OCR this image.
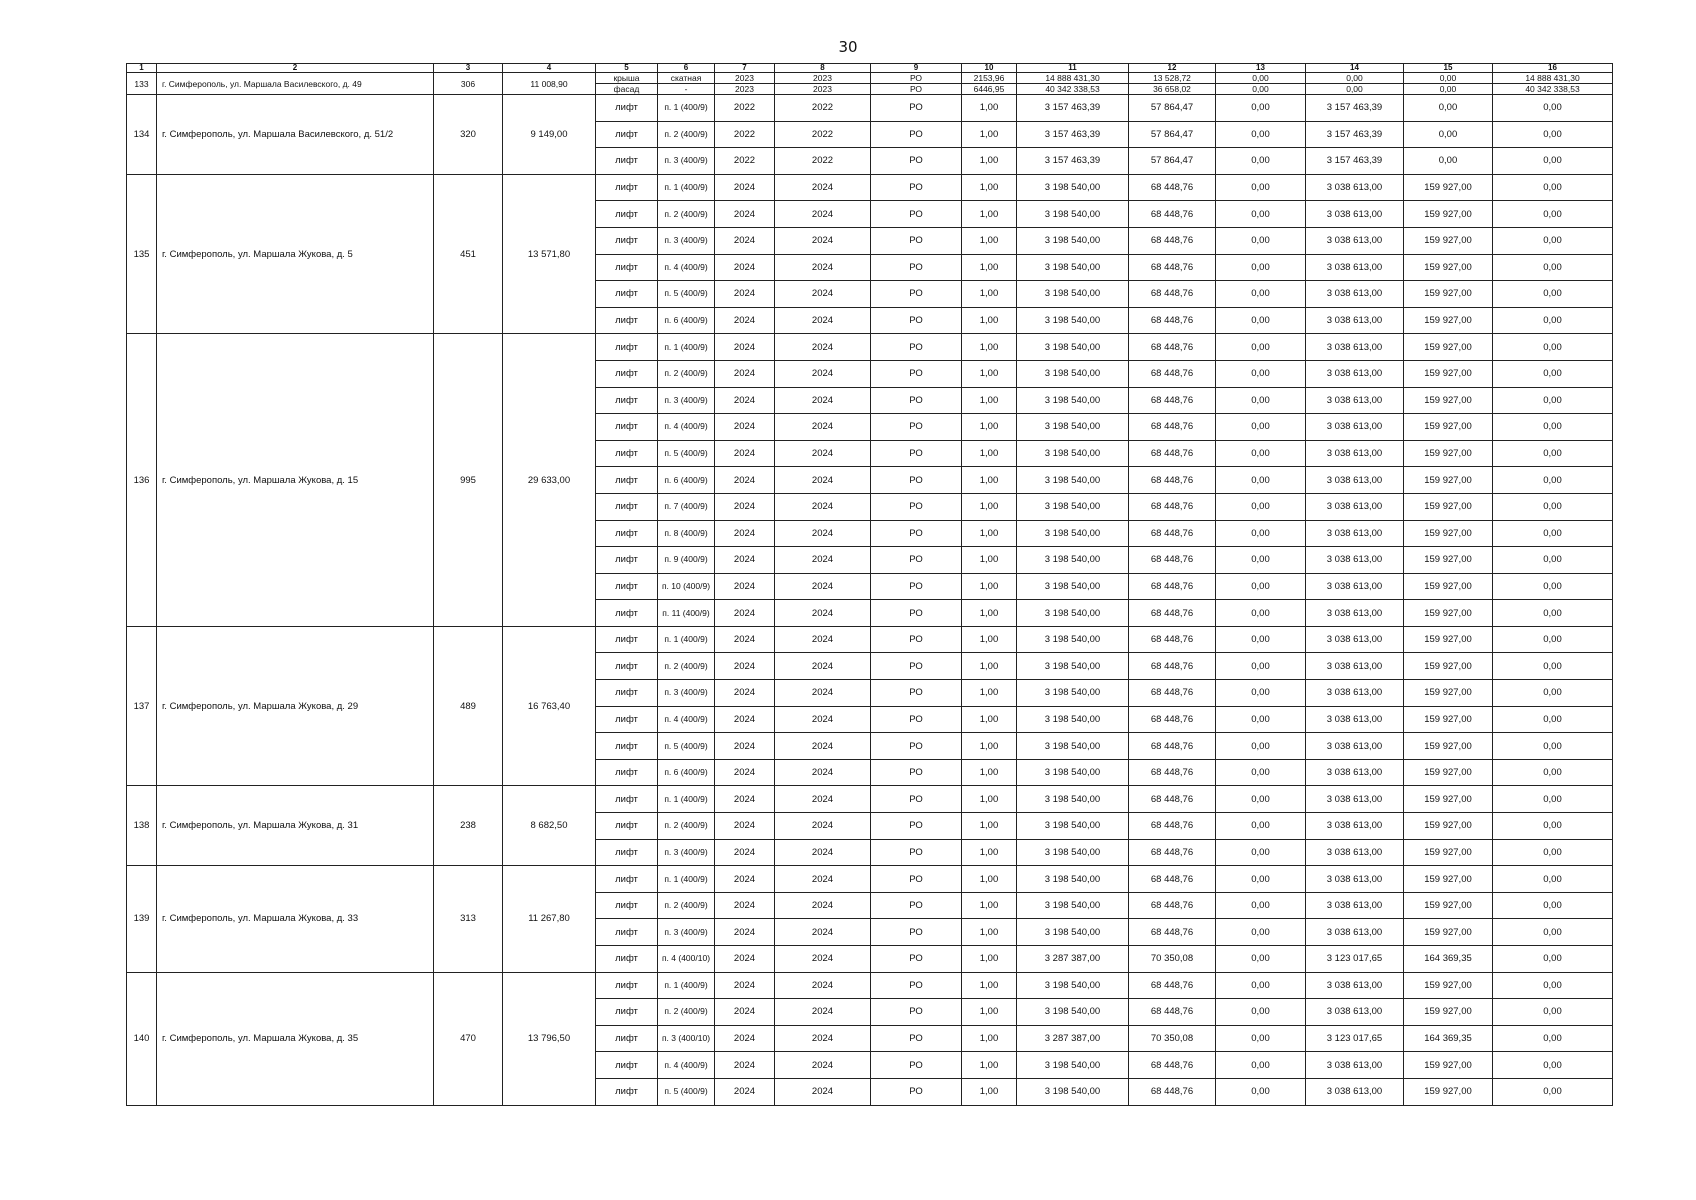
30
1	2	3	4	5	6	7	8	9	10	11	12	13	14	15	16
133	г. Симферополь, ул. Маршала Василевского, д. 49	306	11 008,90	крыша	скатная	2023	2023	РО	2153,96	14 888 431,30	13 528,72	0,00	0,00	0,00	14 888 431,30
				фасад	-	2023	2023	РО	6446,95	40 342 338,53	36 658,02	0,00	0,00	0,00	40 342 338,53
134	г. Симферополь, ул. Маршала Василевского, д. 51/2	320	9 149,00	лифт	п. 1 (400/9)	2022	2022	РО	1,00	3 157 463,39	57 864,47	0,00	3 157 463,39	0,00	0,00
				лифт	п. 2 (400/9)	2022	2022	РО	1,00	3 157 463,39	57 864,47	0,00	3 157 463,39	0,00	0,00
				лифт	п. 3 (400/9)	2022	2022	РО	1,00	3 157 463,39	57 864,47	0,00	3 157 463,39	0,00	0,00
135	г. Симферополь, ул. Маршала Жукова, д. 5	451	13 571,80	лифт	п. 1 (400/9)	2024	2024	РО	1,00	3 198 540,00	68 448,76	0,00	3 038 613,00	159 927,00	0,00
				лифт	п. 2 (400/9)	2024	2024	РО	1,00	3 198 540,00	68 448,76	0,00	3 038 613,00	159 927,00	0,00
				лифт	п. 3 (400/9)	2024	2024	РО	1,00	3 198 540,00	68 448,76	0,00	3 038 613,00	159 927,00	0,00
				лифт	п. 4 (400/9)	2024	2024	РО	1,00	3 198 540,00	68 448,76	0,00	3 038 613,00	159 927,00	0,00
				лифт	п. 5 (400/9)	2024	2024	РО	1,00	3 198 540,00	68 448,76	0,00	3 038 613,00	159 927,00	0,00
				лифт	п. 6 (400/9)	2024	2024	РО	1,00	3 198 540,00	68 448,76	0,00	3 038 613,00	159 927,00	0,00
136	г. Симферополь, ул. Маршала Жукова, д. 15	995	29 633,00	лифт	п. 1 (400/9)	2024	2024	РО	1,00	3 198 540,00	68 448,76	0,00	3 038 613,00	159 927,00	0,00
				лифт	п. 2 (400/9)	2024	2024	РО	1,00	3 198 540,00	68 448,76	0,00	3 038 613,00	159 927,00	0,00
				лифт	п. 3 (400/9)	2024	2024	РО	1,00	3 198 540,00	68 448,76	0,00	3 038 613,00	159 927,00	0,00
				лифт	п. 4 (400/9)	2024	2024	РО	1,00	3 198 540,00	68 448,76	0,00	3 038 613,00	159 927,00	0,00
				лифт	п. 5 (400/9)	2024	2024	РО	1,00	3 198 540,00	68 448,76	0,00	3 038 613,00	159 927,00	0,00
				лифт	п. 6 (400/9)	2024	2024	РО	1,00	3 198 540,00	68 448,76	0,00	3 038 613,00	159 927,00	0,00
				лифт	п. 7 (400/9)	2024	2024	РО	1,00	3 198 540,00	68 448,76	0,00	3 038 613,00	159 927,00	0,00
				лифт	п. 8 (400/9)	2024	2024	РО	1,00	3 198 540,00	68 448,76	0,00	3 038 613,00	159 927,00	0,00
				лифт	п. 9 (400/9)	2024	2024	РО	1,00	3 198 540,00	68 448,76	0,00	3 038 613,00	159 927,00	0,00
				лифт	п. 10 (400/9)	2024	2024	РО	1,00	3 198 540,00	68 448,76	0,00	3 038 613,00	159 927,00	0,00
				лифт	п. 11 (400/9)	2024	2024	РО	1,00	3 198 540,00	68 448,76	0,00	3 038 613,00	159 927,00	0,00
137	г. Симферополь, ул. Маршала Жукова, д. 29	489	16 763,40	лифт	п. 1 (400/9)	2024	2024	РО	1,00	3 198 540,00	68 448,76	0,00	3 038 613,00	159 927,00	0,00
				лифт	п. 2 (400/9)	2024	2024	РО	1,00	3 198 540,00	68 448,76	0,00	3 038 613,00	159 927,00	0,00
				лифт	п. 3 (400/9)	2024	2024	РО	1,00	3 198 540,00	68 448,76	0,00	3 038 613,00	159 927,00	0,00
				лифт	п. 4 (400/9)	2024	2024	РО	1,00	3 198 540,00	68 448,76	0,00	3 038 613,00	159 927,00	0,00
				лифт	п. 5 (400/9)	2024	2024	РО	1,00	3 198 540,00	68 448,76	0,00	3 038 613,00	159 927,00	0,00
				лифт	п. 6 (400/9)	2024	2024	РО	1,00	3 198 540,00	68 448,76	0,00	3 038 613,00	159 927,00	0,00
138	г. Симферополь, ул. Маршала Жукова, д. 31	238	8 682,50	лифт	п. 1 (400/9)	2024	2024	РО	1,00	3 198 540,00	68 448,76	0,00	3 038 613,00	159 927,00	0,00
				лифт	п. 2 (400/9)	2024	2024	РО	1,00	3 198 540,00	68 448,76	0,00	3 038 613,00	159 927,00	0,00
				лифт	п. 3 (400/9)	2024	2024	РО	1,00	3 198 540,00	68 448,76	0,00	3 038 613,00	159 927,00	0,00
139	г. Симферополь, ул. Маршала Жукова, д. 33	313	11 267,80	лифт	п. 1 (400/9)	2024	2024	РО	1,00	3 198 540,00	68 448,76	0,00	3 038 613,00	159 927,00	0,00
				лифт	п. 2 (400/9)	2024	2024	РО	1,00	3 198 540,00	68 448,76	0,00	3 038 613,00	159 927,00	0,00
				лифт	п. 3 (400/9)	2024	2024	РО	1,00	3 198 540,00	68 448,76	0,00	3 038 613,00	159 927,00	0,00
				лифт	п. 4 (400/10)	2024	2024	РО	1,00	3 287 387,00	70 350,08	0,00	3 123 017,65	164 369,35	0,00
140	г. Симферополь, ул. Маршала Жукова, д. 35	470	13 796,50	лифт	п. 1 (400/9)	2024	2024	РО	1,00	3 198 540,00	68 448,76	0,00	3 038 613,00	159 927,00	0,00
				лифт	п. 2 (400/9)	2024	2024	РО	1,00	3 198 540,00	68 448,76	0,00	3 038 613,00	159 927,00	0,00
				лифт	п. 3 (400/10)	2024	2024	РО	1,00	3 287 387,00	70 350,08	0,00	3 123 017,65	164 369,35	0,00
				лифт	п. 4 (400/9)	2024	2024	РО	1,00	3 198 540,00	68 448,76	0,00	3 038 613,00	159 927,00	0,00
				лифт	п. 5 (400/9)	2024	2024	РО	1,00	3 198 540,00	68 448,76	0,00	3 038 613,00	159 927,00	0,00
